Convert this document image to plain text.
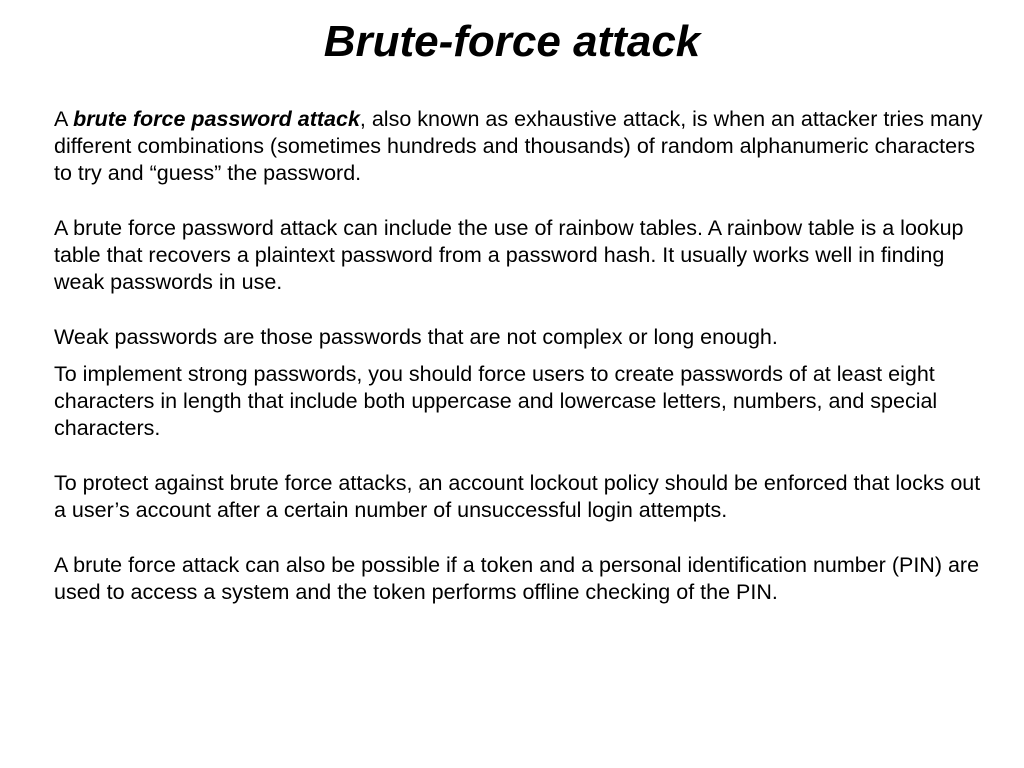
Brute-force attack

A brute force password attack, also known as exhaustive attack, is when an attacker tries many different combinations (sometimes hundreds and thousands) of random alphanumeric characters to try and “guess” the password.

A brute force password attack can include the use of rainbow tables. A rainbow table is a lookup table that recovers a plaintext password from a password hash. It usually works well in finding weak passwords in use.

Weak passwords are those passwords that are not complex or long enough.

To implement strong passwords, you should force users to create passwords of at least eight characters in length that include both uppercase and lowercase letters, numbers, and special characters.

To protect against brute force attacks, an account lockout policy should be enforced that locks out a user’s account after a certain number of unsuccessful login attempts.

A brute force attack can also be possible if a token and a personal identification number (PIN) are used to access a system and the token performs offline checking of the PIN.
